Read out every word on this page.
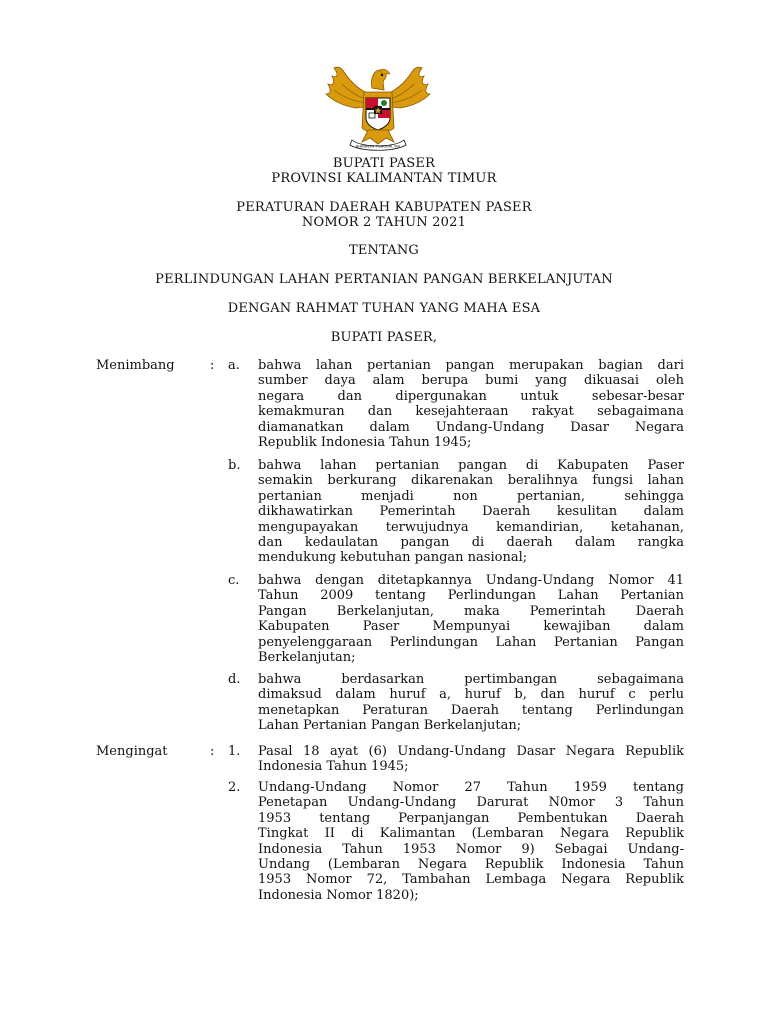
BHINNEKA TUNGGAL IKA
BUPATI PASER
PROVINSI KALIMANTAN TIMUR
PERATURAN DAERAH KABUPATEN PASER
NOMOR 2 TAHUN 2021
TENTANG
PERLINDUNGAN LAHAN PERTANIAN PANGAN BERKELANJUTAN
DENGAN RAHMAT TUHAN YANG MAHA ESA
BUPATI PASER,
Menimbang	: a.	bahwa lahan pertanian pangan merupakan bagian dari
sumber daya alam berupa bumi yang dikuasai oleh
negara dan dipergunakan untuk sebesar-besar
kemakmuran dan kesejahteraan rakyat sebagaimana
diamanatkan dalam Undang-Undang Dasar Negara
Republik Indonesia Tahun 1945;
b.	bahwa lahan pertanian pangan di Kabupaten Paser
semakin berkurang dikarenakan beralihnya fungsi lahan
pertanian menjadi non pertanian, sehingga
dikhawatirkan Pemerintah Daerah kesulitan dalam
mengupayakan terwujudnya kemandirian, ketahanan,
dan kedaulatan pangan di daerah dalam rangka
mendukung kebutuhan pangan nasional;
c.	bahwa dengan ditetapkannya Undang-Undang Nomor 41
Tahun 2009 tentang Perlindungan Lahan Pertanian
Pangan Berkelanjutan, maka Pemerintah Daerah
Kabupaten Paser Mempunyai kewajiban dalam
penyelenggaraan Perlindungan Lahan Pertanian Pangan
Berkelanjutan;
d.	bahwa berdasarkan pertimbangan sebagaimana
dimaksud dalam huruf a, huruf b, dan huruf c perlu
menetapkan Peraturan Daerah tentang Perlindungan
Lahan Pertanian Pangan Berkelanjutan;
Mengingat	: 1.	Pasal 18 ayat (6) Undang-Undang Dasar Negara Republik
Indonesia Tahun 1945;
2.	Undang-Undang Nomor 27 Tahun 1959 tentang
Penetapan Undang-Undang Darurat N0mor 3 Tahun
1953 tentang Perpanjangan Pembentukan Daerah
Tingkat II di Kalimantan (Lembaran Negara Republik
Indonesia Tahun 1953 Nomor 9) Sebagai Undang-
Undang (Lembaran Negara Republik Indonesia Tahun
1953 Nomor 72, Tambahan Lembaga Negara Republik
Indonesia Nomor 1820);
